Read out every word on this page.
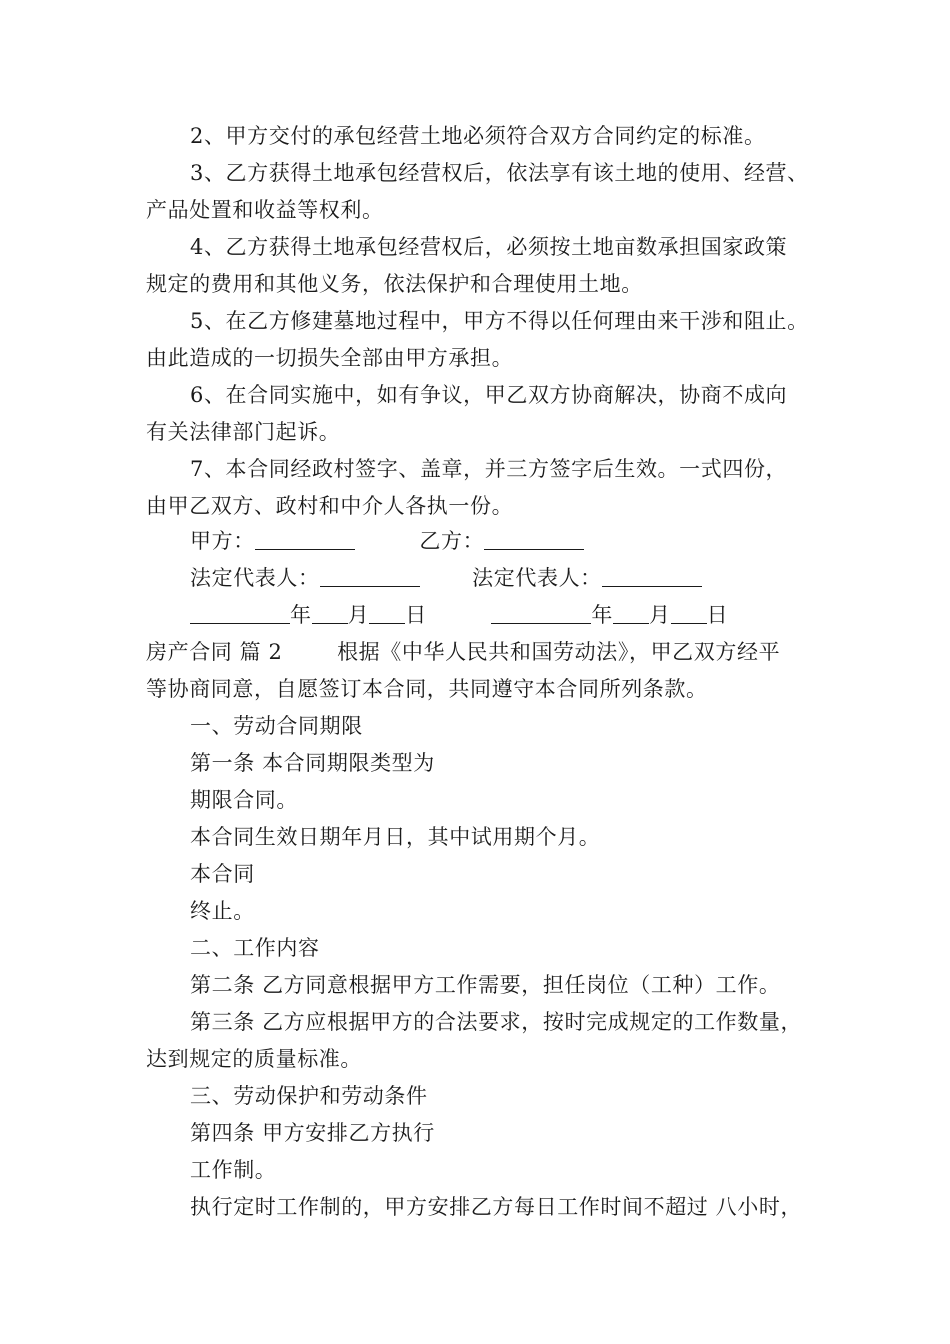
2、甲方交付的承包经营土地必须符合双方合同约定的标准。
3、乙方获得土地承包经营权后，依法享有该土地的使用、经营、
产品处置和收益等权利。
4、乙方获得土地承包经营权后，必须按土地亩数承担国家政策
规定的费用和其他义务，依法保护和合理使用土地。
5、在乙方修建墓地过程中，甲方不得以任何理由来干涉和阻止。
由此造成的一切损失全部由甲方承担。
6、在合同实施中，如有争议，甲乙双方协商解决，协商不成向
有关法律部门起诉。
7、本合同经政村签字、盖章，并三方签字后生效。一式四份，
由甲乙双方、政村和中介人各执一份。
甲方：	乙方：
法定代表人：	法定代表人：
年 月 日	年 月 日
房产合同 篇 2	根据《中华人民共和国劳动法》，甲乙双方经平
等协商同意，自愿签订本合同，共同遵守本合同所列条款。
一、劳动合同期限
第一条 本合同期限类型为
期限合同。
本合同生效日期年月日，其中试用期个月。
本合同
终止。
二、工作内容
第二条 乙方同意根据甲方工作需要，担任岗位（工种）工作。
第三条 乙方应根据甲方的合法要求，按时完成规定的工作数量，
达到规定的质量标准。
三、劳动保护和劳动条件
第四条 甲方安排乙方执行
工作制。
执行定时工作制的，甲方安排乙方每日工作时间不超过 八小时，
